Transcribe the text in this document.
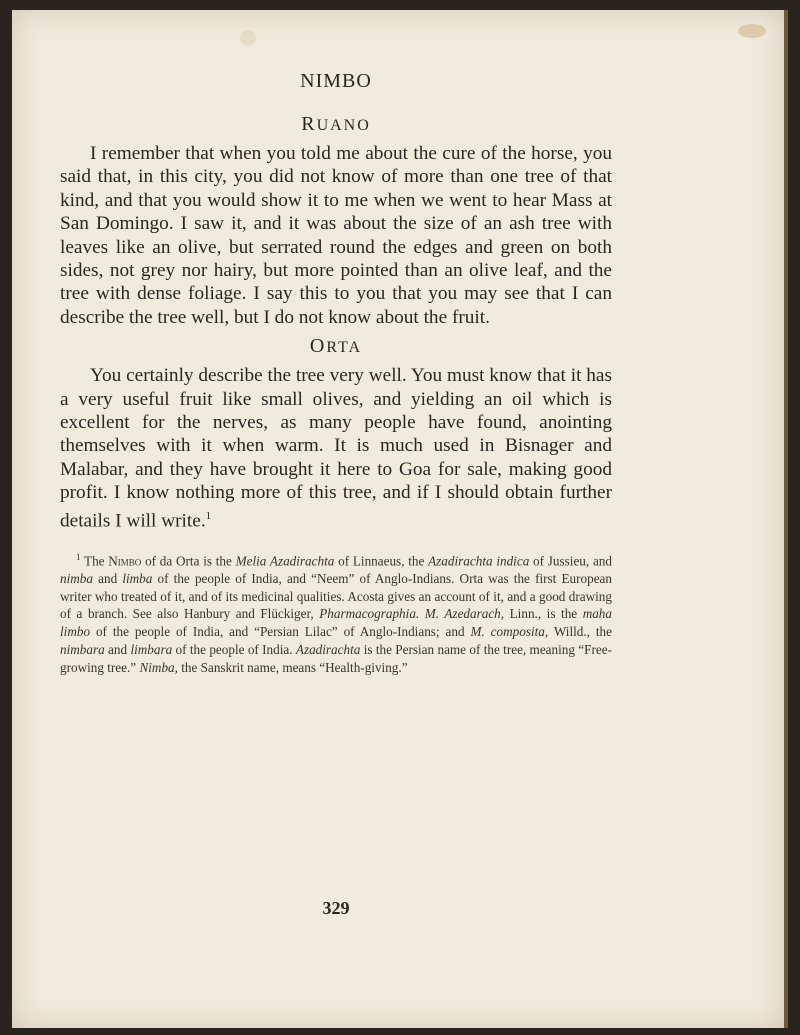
NIMBO
RUANO

I remember that when you told me about the cure of the horse, you said that, in this city, you did not know of more than one tree of that kind, and that you would show it to me when we went to hear Mass at San Domingo. I saw it, and it was about the size of an ash tree with leaves like an olive, but serrated round the edges and green on both sides, not grey nor hairy, but more pointed than an olive leaf, and the tree with dense foliage. I say this to you that you may see that I can describe the tree well, but I do not know about the fruit.

ORTA

You certainly describe the tree very well. You must know that it has a very useful fruit like small olives, and yielding an oil which is excellent for the nerves, as many people have found, anointing themselves with it when warm. It is much used in Bisnager and Malabar, and they have brought it here to Goa for sale, making good profit. I know nothing more of this tree, and if I should obtain further details I will write.$^1$

$^1$ The Nimbo of da Orta is the Melia Azadirachta of Linnaeus, the Azadirachta indica of Jussieu, and nimba and limba of the people of India, and “Neem” of Anglo-Indians. Orta was the first European writer who treated of it, and of its medicinal qualities. Acosta gives an account of it, and a good drawing of a branch. See also Hanbury and Flückiger, Pharmacographia. M. Azedarach, Linn., is the maha limbo of the people of India, and “Persian Lilac” of Anglo-Indians; and M. composita, Willd., the nimbara and limbara of the people of India. Azadirachta is the Persian name of the tree, meaning “Free-growing tree.” Nimba, the Sanskrit name, means “Health-giving.”

329
